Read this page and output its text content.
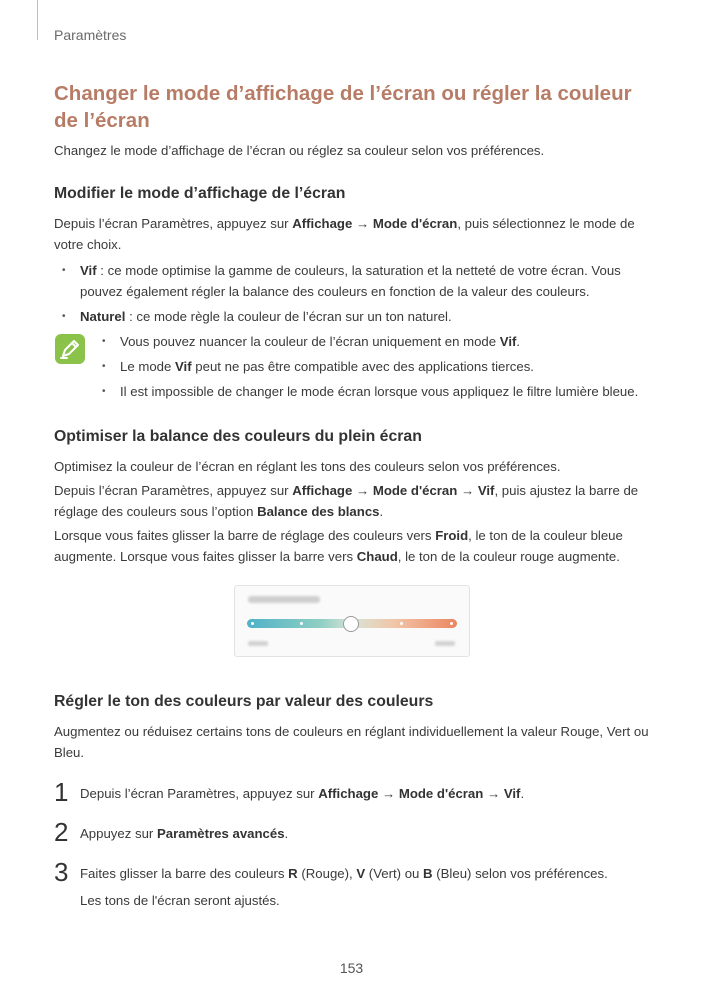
Paramètres
Changer le mode d’affichage de l’écran ou régler la couleur de l’écran

Changez le mode d’affichage de l’écran ou réglez sa couleur selon vos préférences.

Modifier le mode d’affichage de l’écran

Depuis l’écran Paramètres, appuyez sur Affichage → Mode d'écran, puis sélectionnez le mode de votre choix.

• Vif : ce mode optimise la gamme de couleurs, la saturation et la netteté de votre écran. Vous pouvez également régler la balance des couleurs en fonction de la valeur des couleurs.
• Naturel : ce mode règle la couleur de l’écran sur un ton naturel.
• Vous pouvez nuancer la couleur de l’écran uniquement en mode Vif.
• Le mode Vif peut ne pas être compatible avec des applications tierces.
• Il est impossible de changer le mode écran lorsque vous appliquez le filtre lumière bleue.
Optimiser la balance des couleurs du plein écran

Optimisez la couleur de l’écran en réglant les tons des couleurs selon vos préférences.

Depuis l’écran Paramètres, appuyez sur Affichage → Mode d'écran → Vif, puis ajustez la barre de réglage des couleurs sous l’option Balance des blancs.

Lorsque vous faites glisser la barre de réglage des couleurs vers Froid, le ton de la couleur bleue augmente. Lorsque vous faites glisser la barre vers Chaud, le ton de la couleur rouge augmente.

Régler le ton des couleurs par valeur des couleurs

Augmentez ou réduisez certains tons de couleurs en réglant individuellement la valeur Rouge, Vert ou Bleu.

1 Depuis l’écran Paramètres, appuyez sur Affichage → Mode d'écran → Vif.

2 Appuyez sur Paramètres avancés.

3 Faites glisser la barre des couleurs R (Rouge), V (Vert) ou B (Bleu) selon vos préférences.

Les tons de l'écran seront ajustés.

153
